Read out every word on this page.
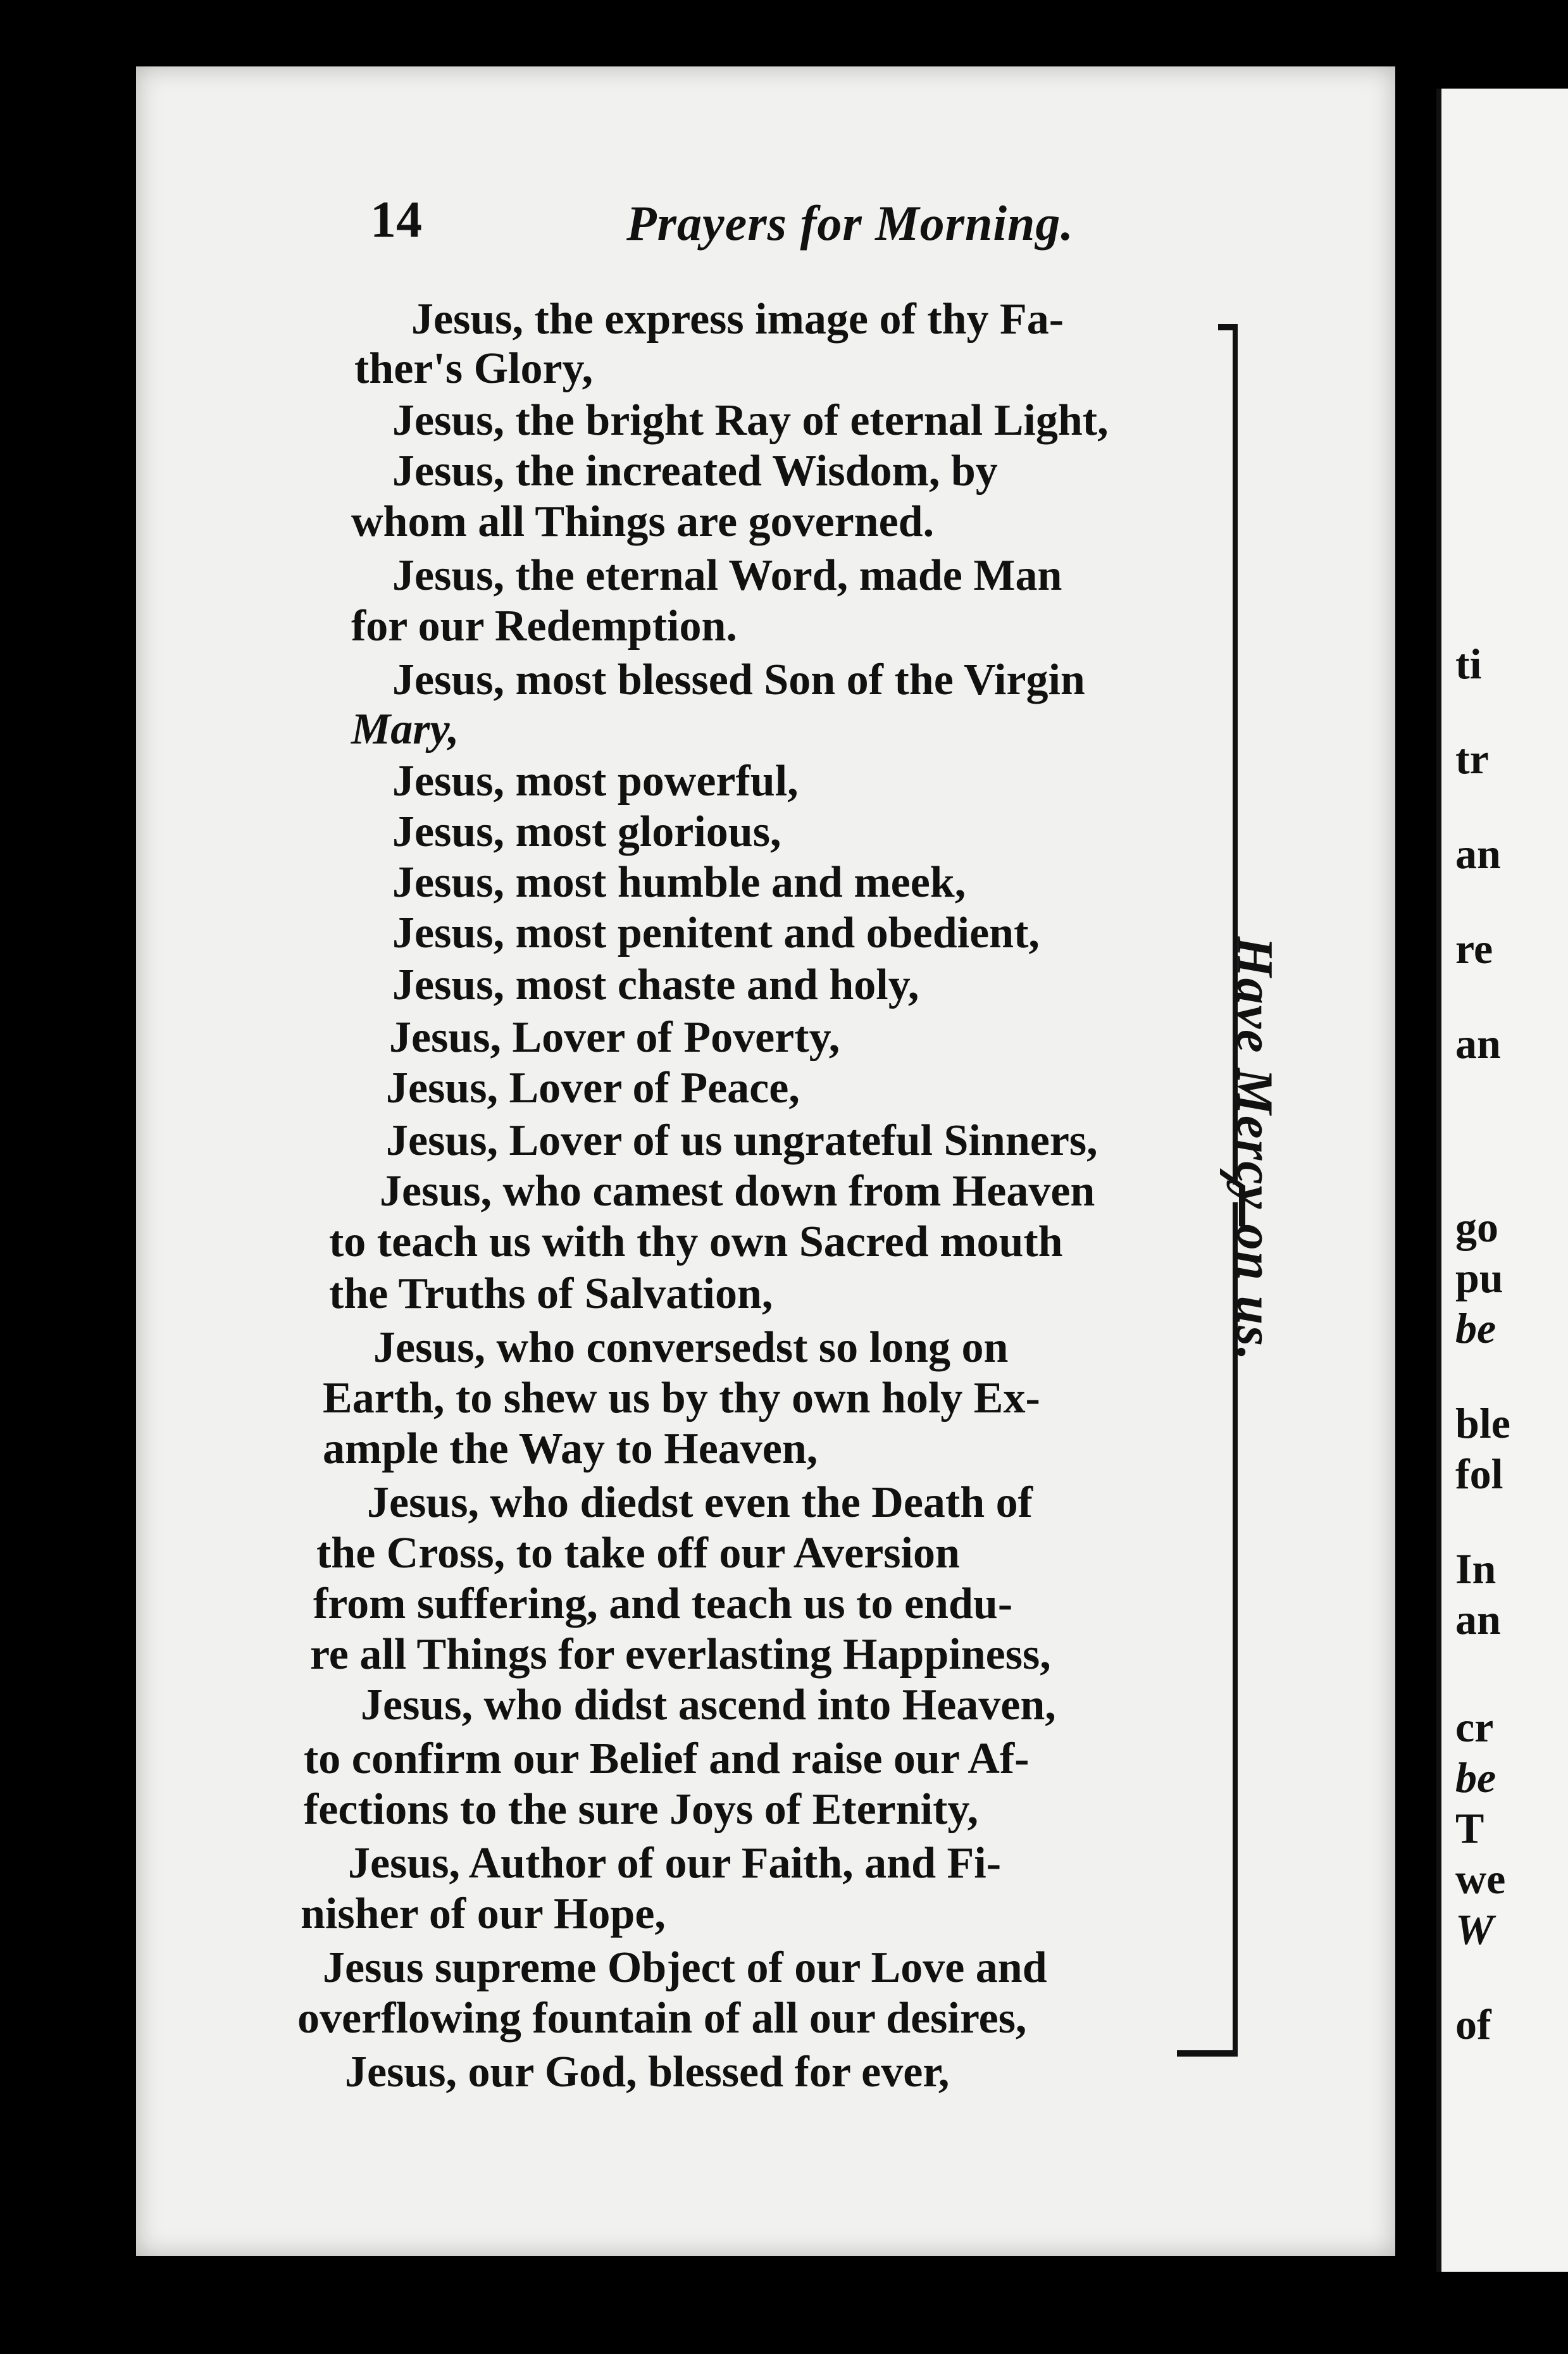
ti
tr
an
re
an
go
pu
be
ble
fol
In
an
cr
be
T
we
W
of
14	Prayers for Morning.
Jesus, the express image of thy Fa-
ther's Glory,
Jesus, the bright Ray of eternal Light,
Jesus, the increated Wisdom, by
whom all Things are governed.
Jesus, the eternal Word, made Man
for our Redemption.
Jesus, most blessed Son of the Virgin
Mary,
Jesus, most powerful,
Jesus, most glorious,
Jesus, most humble and meek,
Jesus, most penitent and obedient,
Jesus, most chaste and holy,
Jesus, Lover of Poverty,
Jesus, Lover of Peace,
Jesus, Lover of us ungrateful Sinners,
Jesus, who camest down from Heaven
to teach us with thy own Sacred mouth
the Truths of Salvation,
Jesus, who conversedst so long on
Earth, to shew us by thy own holy Ex-
ample the Way to Heaven,
Jesus, who diedst even the Death of
the Cross, to take off our Aversion
from suffering, and teach us to endu-
re all Things for everlasting Happiness,
Jesus, who didst ascend into Heaven,
to confirm our Belief and raise our Af-
fections to the sure Joys of Eternity,
Jesus, Author of our Faith, and Fi-
nisher of our Hope,
Jesus supreme Object of our Love and
overflowing fountain of all our desires,
Jesus, our God, blessed for ever,
Have Mercy on us.
